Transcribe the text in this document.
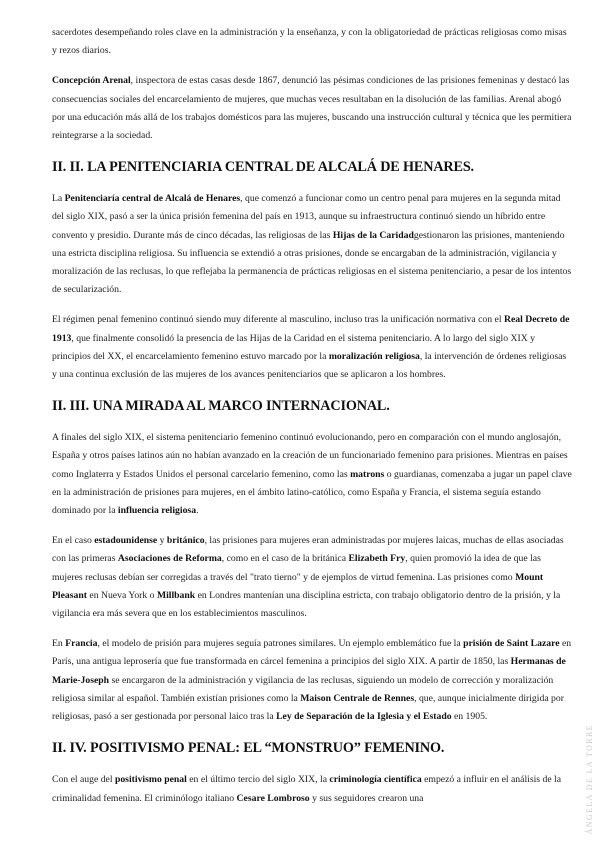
sacerdotes desempeñando roles clave en la administración y la enseñanza, y con la obligatoriedad de prácticas religiosas como misas y rezos diarios.

Concepción Arenal, inspectora de estas casas desde 1867, denunció las pésimas condiciones de las prisiones femeninas y destacó las consecuencias sociales del encarcelamiento de mujeres, que muchas veces resultaban en la disolución de las familias. Arenal abogó por una educación más allá de los trabajos domésticos para las mujeres, buscando una instrucción cultural y técnica que les permitiera reintegrarse a la sociedad.

II. II. LA PENITENCIARIA CENTRAL DE ALCALÁ DE HENARES.

La Penitenciaría central de Alcalá de Henares, que comenzó a funcionar como un centro penal para mujeres en la segunda mitad del siglo XIX, pasó a ser la única prisión femenina del país en 1913, aunque su infraestructura continuó siendo un híbrido entre convento y presidio. Durante más de cinco décadas, las religiosas de las Hijas de la Caridadgestionaron las prisiones, manteniendo una estricta disciplina religiosa. Su influencia se extendió a otras prisiones, donde se encargaban de la administración, vigilancia y moralización de las reclusas, lo que reflejaba la permanencia de prácticas religiosas en el sistema penitenciario, a pesar de los intentos de secularización.

El régimen penal femenino continuó siendo muy diferente al masculino, incluso tras la unificación normativa con el Real Decreto de 1913, que finalmente consolidó la presencia de las Hijas de la Caridad en el sistema penitenciario. A lo largo del siglo XIX y principios del XX, el encarcelamiento femenino estuvo marcado por la moralización religiosa, la intervención de órdenes religiosas y una continua exclusión de las mujeres de los avances penitenciarios que se aplicaron a los hombres.

II. III. UNA MIRADA AL MARCO INTERNACIONAL.

A finales del siglo XIX, el sistema penitenciario femenino continuó evolucionando, pero en comparación con el mundo anglosajón, España y otros países latinos aún no habían avanzado en la creación de un funcionariado femenino para prisiones. Mientras en países como Inglaterra y Estados Unidos el personal carcelario femenino, como las matrons o guardianas, comenzaba a jugar un papel clave en la administración de prisiones para mujeres, en el ámbito latino-católico, como España y Francia, el sistema seguía estando dominado por la influencia religiosa.

En el caso estadounidense y británico, las prisiones para mujeres eran administradas por mujeres laicas, muchas de ellas asociadas con las primeras Asociaciones de Reforma, como en el caso de la británica Elizabeth Fry, quien promovió la idea de que las mujeres reclusas debían ser corregidas a través del "trato tierno" y de ejemplos de virtud femenina. Las prisiones como Mount Pleasant en Nueva York o Millbank en Londres mantenían una disciplina estricta, con trabajo obligatorio dentro de la prisión, y la vigilancia era más severa que en los establecimientos masculinos.

En Francia, el modelo de prisión para mujeres seguía patrones similares. Un ejemplo emblemático fue la prisión de Saint Lazare en París, una antigua leprosería que fue transformada en cárcel femenina a principios del siglo XIX. A partir de 1850, las Hermanas de Marie-Joseph se encargaron de la administración y vigilancia de las reclusas, siguiendo un modelo de corrección y moralización religiosa similar al español. También existían prisiones como la Maison Centrale de Rennes, que, aunque inicialmente dirigida por religiosas, pasó a ser gestionada por personal laico tras la Ley de Separación de la Iglesia y el Estado en 1905.

II. IV. POSITIVISMO PENAL: EL “MONSTRUO” FEMENINO.

Con el auge del positivismo penal en el último tercio del siglo XIX, la criminología científica empezó a influir en el análisis de la criminalidad femenina. El criminólogo italiano Cesare Lombroso y sus seguidores crearon una	ÁNGELA DE LA TORRE
